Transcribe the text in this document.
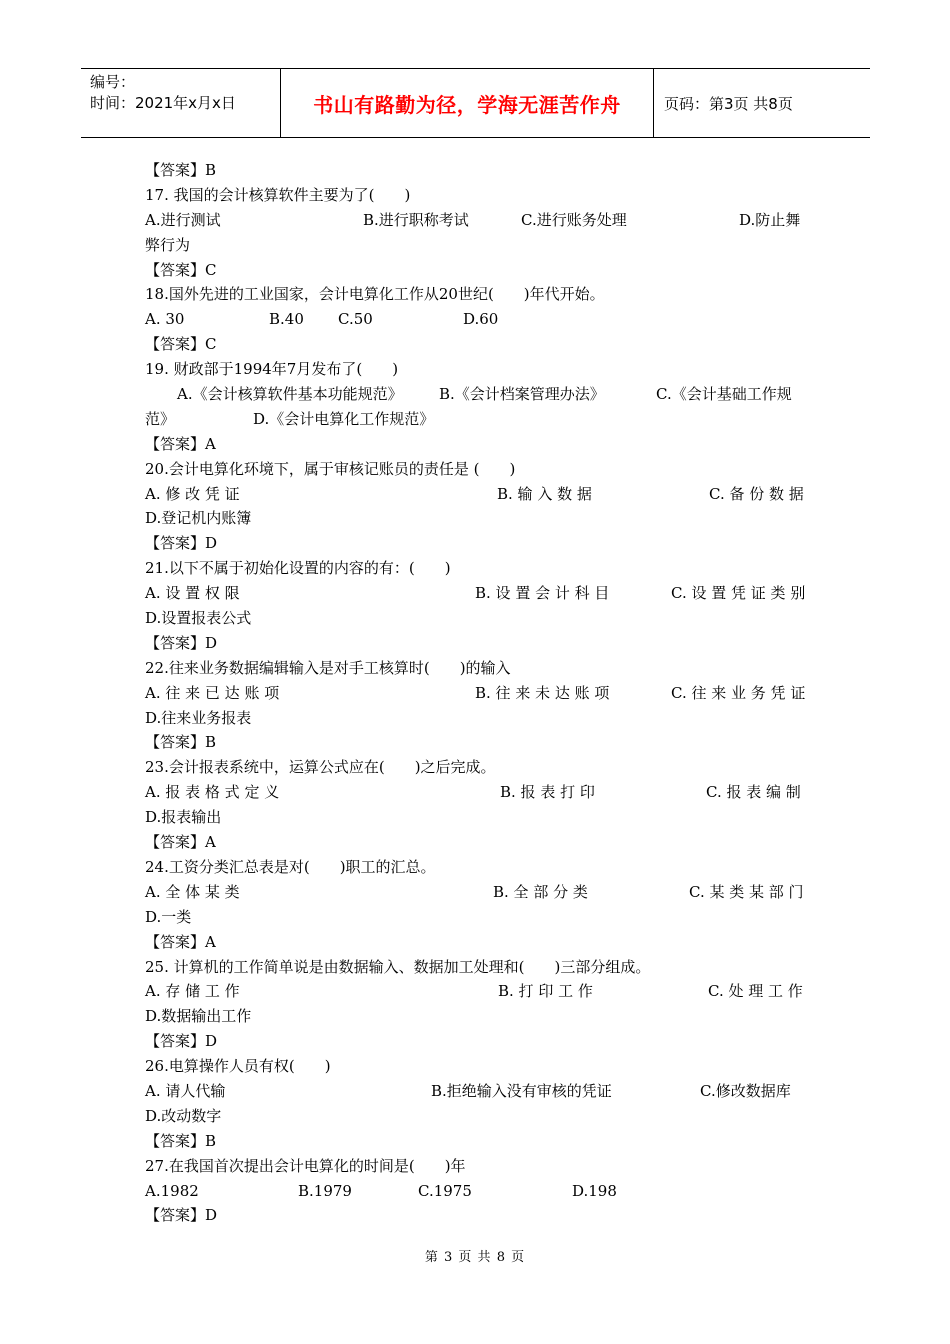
编号：
时间：2021年x月x日	书山有路勤为径，学海无涯苦作舟	页码：第3页 共8页
【答案】B
17. 我国的会计核算软件主要为了(　　)
A.进行测试	B.进行职称考试	C.进行账务处理	D.防止舞
弊行为
【答案】C
18.国外先进的工业国家，会计电算化工作从20世纪(　　)年代开始。
A. 30	B.40 C.50	D.60
【答案】C
19. 财政部于1994年7月发布了(　　)
A.《会计核算软件基本功能规范》 B.《会计档案管理办法》	C.《会计基础工作规
范》	D.《会计电算化工作规范》
【答案】A
20.会计电算化环境下，属于审核记账员的责任是 (　　)
A. 修 改 凭 证	B. 输 入 数 据	C. 备 份 数 据
D.登记机内账簿
【答案】D
21.以下不属于初始化设置的内容的有：(　　)
A. 设 置 权 限	B. 设 置 会 计 科 目	C. 设 置 凭 证 类 别
D.设置报表公式
【答案】D
22.往来业务数据编辑输入是对手工核算时(　　)的输入
A. 往 来 已 达 账 项	B. 往 来 未 达 账 项	C. 往 来 业 务 凭 证
D.往来业务报表
【答案】B
23.会计报表系统中，运算公式应在(　　)之后完成。
A. 报 表 格 式 定 义	B. 报 表 打 印	C. 报 表 编 制
D.报表输出
【答案】A
24.工资分类汇总表是对(　　)职工的汇总。
A. 全 体 某 类	B. 全 部 分 类	C. 某 类 某 部 门
D.一类
【答案】A
25. 计算机的工作简单说是由数据输入、数据加工处理和(　　)三部分组成。
A. 存 储 工 作	B. 打 印 工 作	C. 处 理 工 作
D.数据输出工作
【答案】D
26.电算操作人员有权(　　)
A. 请人代输	B.拒绝输入没有审核的凭证	C.修改数据库
D.改动数字
【答案】B
27.在我国首次提出会计电算化的时间是(　　)年
A.1982	B.1979	C.1975	D.198
【答案】D
第 3 页 共 8 页
